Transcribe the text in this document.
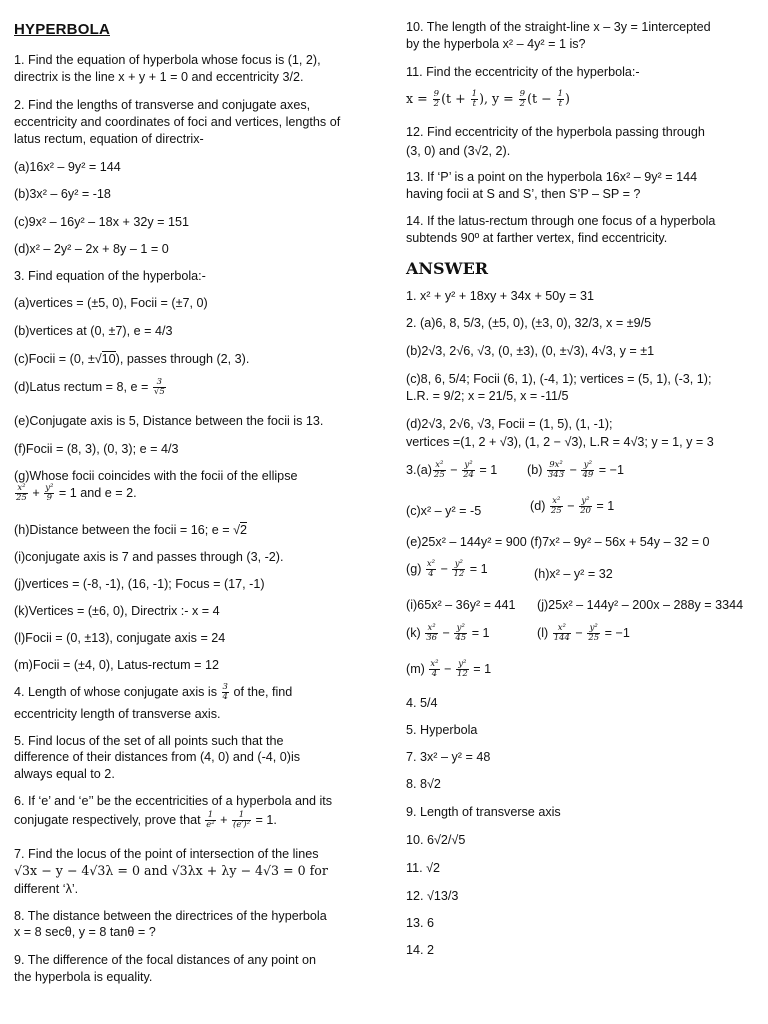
HYPERBOLA
1. Find the equation of hyperbola whose focus is (1, 2),
directrix is the line x + y + 1 = 0 and eccentricity 3/2.
2. Find the lengths of transverse and conjugate axes,
eccentricity and coordinates of foci and vertices, lengths of
latus rectum, equation of directrix-
(a)16x² – 9y² = 144
(b)3x² – 6y² = -18
(c)9x² – 16y² – 18x + 32y = 151
(d)x² – 2y² – 2x + 8y – 1 = 0
3. Find equation of the hyperbola:-
(a)vertices = (±5, 0), Focii = (±7, 0)
(b)vertices at (0, ±7), e = 4/3
(c)Focii = (0, ±√10), passes through (2, 3).
(d)Latus rectum = 8, $e = \frac{3}{√5}$
(e)Conjugate axis is 5, Distance between the focii is 13.
(f)Focii = (8, 3), (0, 3); e = 4/3
(g)Whose focii coincides with the focii of the ellipse
$\frac{\text{x²}}{25} + \frac{\text{y²}}{9} = 1$ and e = 2.
(h)Distance between the focii = 16; e = √2
(i)conjugate axis is 7 and passes through (3, -2).
(j)vertices = (-8, -1), (16, -1); Focus = (17, -1)
(k)Vertices = (±6, 0), Directrix :- x = 4
(l)Focii = (0, ±13), conjugate axis = 24
(m)Focii = (±4, 0), Latus-rectum = 12
4. Length of whose conjugate axis is $\frac{3}{4}$ of the, find
eccentricity length of transverse axis.
5. Find locus of the set of all points such that the
difference of their distances from (4, 0) and (-4, 0)is
always equal to 2.
6. If ‘e’ and ‘e’’ be the eccentricities of a hyperbola and its
conjugate respectively, prove that $\frac{1}{\text{e²}} + \frac{1}{\text{(e′)²}} = 1$.
7. Find the locus of the point of intersection of the lines
√3x − y − 4√3λ = 0 and √3λx + λy − 4√3 = 0 for
different ‘λ’.
8. The distance between the directrices of the hyperbola
x = 8 secθ, y = 8 tanθ = ?
9. The difference of the focal distances of any point on
the hyperbola is equality.
10. The length of the straight-line x – 3y = 1intercepted
by the hyperbola x² – 4y² = 1 is?
11. Find the eccentricity of the hyperbola:-
$x = \frac{9}{2} (t + \frac{1}{t}$ ), $y = \frac{9}{2} (t - \frac{1}{t}$ )
12. Find eccentricity of the hyperbola passing through
(3, 0) and (3√2, 2).
13. If ‘P’ is a point on the hyperbola 16x² – 9y² = 144
having focii at S and S’, then S’P – SP = ?
14. If the latus-rectum through one focus of a hyperbola
subtends 90º at farther vertex, find eccentricity.
ANSWER
1. x² + y² + 18xy + 34x + 50y = 31
2. (a)6, 8, 5/3, (±5, 0), (±3, 0), 32/3, x = ±9/5
(b)2√3, 2√6, √3, (0, ±3), (0, ±√3), 4√3, y = ±1
(c)8, 6, 5/4; Focii (6, 1), (-4, 1); vertices = (5, 1), (-3, 1);
L.R. = 9/2; x = 21/5, x = -11/5
(d)2√3, 2√6, √3, Focii = (1, 5), (1, -1);
vertices =(1, 2 + √3), (1, 2 − √3), L.R = 4√3; y = 1, y = 3
$3.(a) \frac{\text{x²}}{25} - \frac{\text{y²}}{24} = 1$ $(b) \frac{\text{9x²}}{343} - \frac{\text{y²}}{49} = -1$
(c)x² – y² = -5	$(d) \frac{\text{x²}}{25} - \frac{\text{y²}}{20} = 1$
(e)25x² – 144y² = 900 (f)7x² – 9y² – 56x + 54y – 32 = 0
$(g) \frac{\text{x²}}{4} - \frac{\text{y²}}{12} = 1$	(h)x² – y² = 32
(i)65x² – 36y² = 441 (j)25x² – 144y² – 200x – 288y = 3344
$(k) \frac{\text{x²}}{36} - \frac{\text{y²}}{45} = 1$	$(l) \frac{\text{x²}}{144} - \frac{\text{y²}}{25} = -1$
$(m) \frac{\text{x²}}{4} - \frac{\text{y²}}{12} = 1$
4. 5/4
5. Hyperbola
7. 3x² – y² = 48
8. 8√2
9. Length of transverse axis
10. 6√2/√5
11. √2
12. √13/3
13. 6
14. 2
